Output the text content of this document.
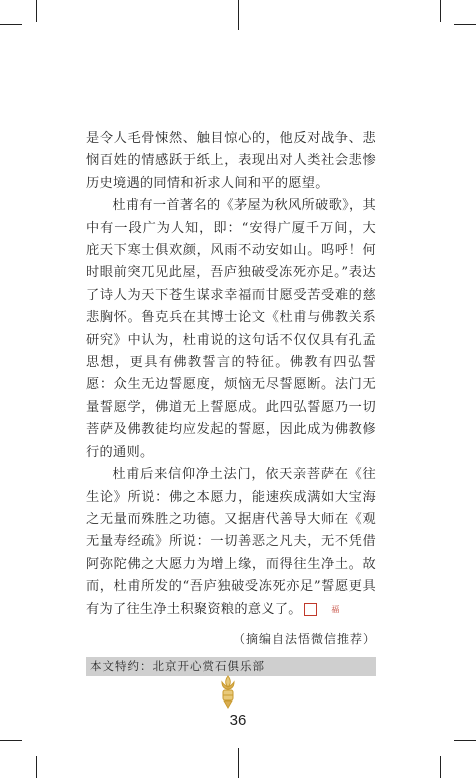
是令人毛骨悚然、触目惊心的，他反对战争、悲悯百姓的情感跃于纸上，表现出对人类社会悲惨历史境遇的同情和祈求人间和平的愿望。

杜甫有一首著名的《茅屋为秋风所破歌》，其中有一段广为人知，即：“安得广厦千万间，大庇天下寒士俱欢颜，风雨不动安如山。呜呼！何时眼前突兀见此屋，吾庐独破受冻死亦足。”表达了诗人为天下苍生谋求幸福而甘愿受苦受难的慈悲胸怀。鲁克兵在其博士论文《杜甫与佛教关系研究》中认为，杜甫说的这句话不仅仅具有孔孟思想，更具有佛教誓言的特征。佛教有四弘誓愿：众生无边誓愿度，烦恼无尽誓愿断。法门无量誓愿学，佛道无上誓愿成。此四弘誓愿乃一切菩萨及佛教徒均应发起的誓愿，因此成为佛教修行的通则。

杜甫后来信仰净土法门，依天亲菩萨在《往生论》所说：佛之本愿力，能速疾成满如大宝海之无量而殊胜之功德。又据唐代善导大师在《观无量寿经疏》所说：一切善恶之凡夫，无不凭借阿弥陀佛之大愿力为增上缘，而得往生净土。故而，杜甫所发的“吾庐独破受冻死亦足”誓愿更具有为了往生净土积聚资粮的意义了。	福

（摘编自法悟微信推荐）
本文特约：北京开心赏石俱乐部
36
